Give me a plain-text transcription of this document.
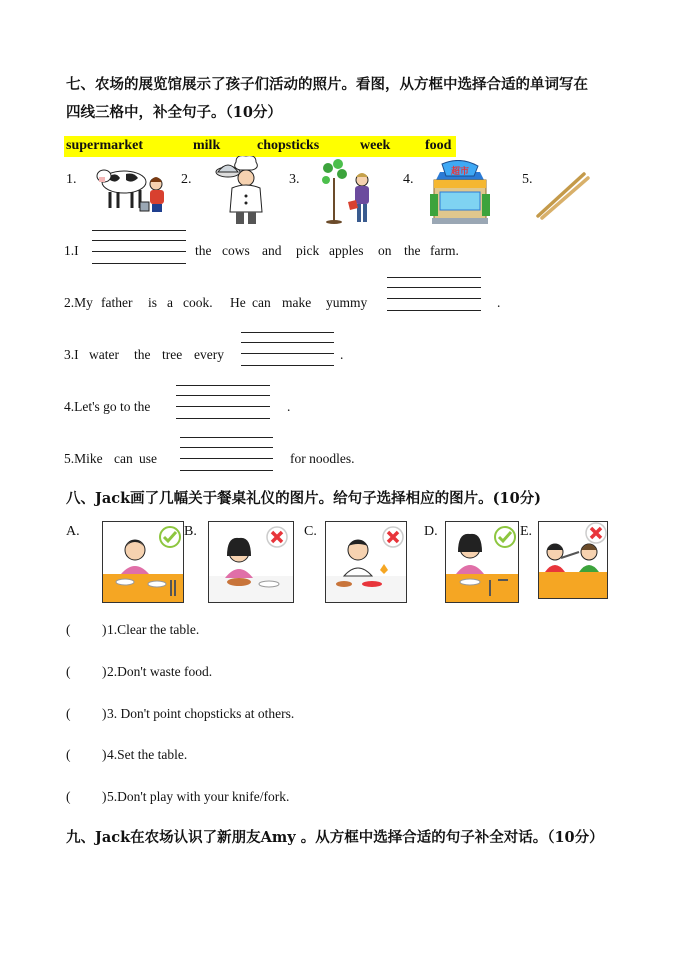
七、农场的展览馆展示了孩子们活动的照片。看图，从方框中选择合适的单词写在
四线三格中，补全句子。（10分）
supermarket	milk	chopsticks	week food
1.	2.	3.	4.	5.
超市
1.I	the cows and pick apples on the farm.
2.My father is a cook. He can make yummy	.
3.I water the tree every	.
4.Let's go to the	.
5.Mike can use	for noodles.
八、Jack画了几幅关于餐桌礼仪的图片。给句子选择相应的图片。(10分)
A.	B.	C.	D.	E.
( ) 1.Clear the table.
( ) 2.Don't waste food.
( ) 3. Don't point chopsticks at others.
( ) 4.Set the table.
( ) 5.Don't play with your knife/fork.
九、Jack在农场认识了新朋友Amy 。从方框中选择合适的句子补全对话。（10分）
